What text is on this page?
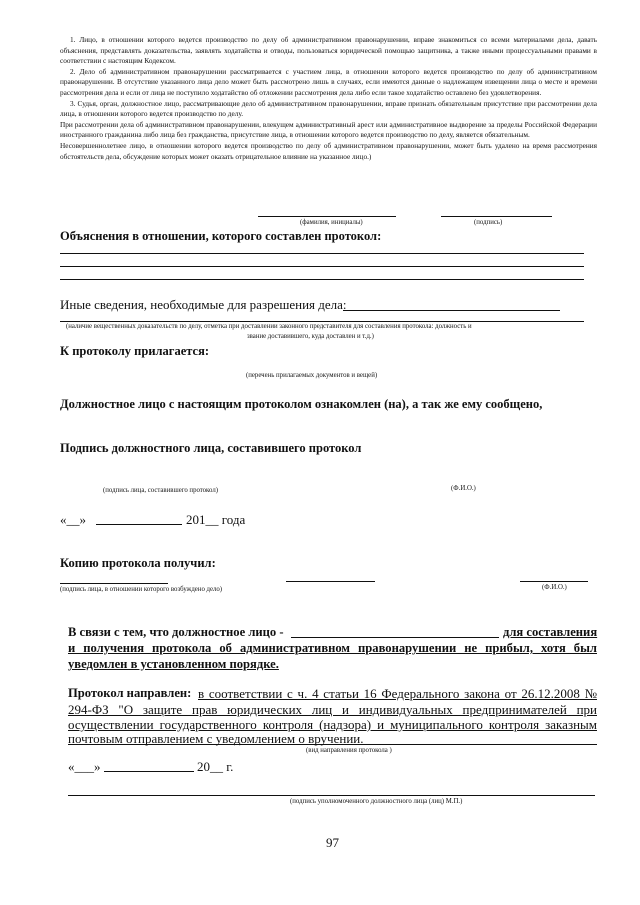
1. Лицо, в отношении которого ведется производство по делу об административном правонарушении, вправе знакомиться со всеми материалами дела, давать объяснения, представлять доказательства, заявлять ходатайства и отводы, пользоваться юридической помощью защитника, а также иными процессуальными правами в соответствии с настоящим Кодексом.

2. Дело об административном правонарушении рассматривается с участием лица, в отношении которого ведется производство по делу об административном правонарушении. В отсутствие указанного лица дело может быть рассмотрено лишь в случаях, если имеются данные о надлежащем извещении лица о месте и времени рассмотрения дела и если от лица не поступило ходатайство об отложении рассмотрения дела либо если такое ходатайство оставлено без удовлетворения.

3. Судья, орган, должностное лицо, рассматривающие дело об административном правонарушении, вправе признать обязательным присутствие при рассмотрении дела лица, в отношении которого ведется производство по делу.

При рассмотрении дела об административном правонарушении, влекущем административный арест или административное выдворение за пределы Российской Федерации иностранного гражданина либо лица без гражданства, присутствие лица, в отношении которого ведется производство по делу, является обязательным.

Несовершеннолетнее лицо, в отношении которого ведется производство по делу об административном правонарушении, может быть удалено на время рассмотрения обстоятельств дела, обсуждение которых может оказать отрицательное влияние на указанное лицо.)

(фамилия, инициалы)	(подпись)
Объяснения в отношении, которого составлен протокол:
Иные сведения, необходимые для разрешения дела:
(наличие вещественных доказательств по делу, отметка при доставлении законного представителя для составления протокола: должность и
звание доставившего, куда доставлен и т.д.)
К протоколу прилагается:
(перечень прилагаемых документов и вещей)
Должностное лицо с настоящим протоколом ознакомлен (на), а так же ему сообщено,
Подпись должностного лица, составившего протокол
(подпись лица, составившего протокол)	(Ф.И.О.)
«__»	201__ года
Копию протокола получил:
(подпись лица, в отношении которого возбуждено дело)	(Ф.И.О.)
В связи с тем, что должностное лицо -	для составления
и получения протокола об административном правонарушении не прибыл, хотя был
уведомлен в установленном порядке.
Протокол направлен: в соответствии с ч. 4 статьи 16 Федерального закона от 26.12.2008 №
294-ФЗ "О защите прав юридических лиц и индивидуальных предпринимателей при
осуществлении государственного контроля (надзора) и муниципального контроля заказным
почтовым отправлением с уведомлением о вручении.
(вид направления протокола )
«___»	20__ г.
(подпись уполномоченного должностного лица (лиц) М.П.)
97
